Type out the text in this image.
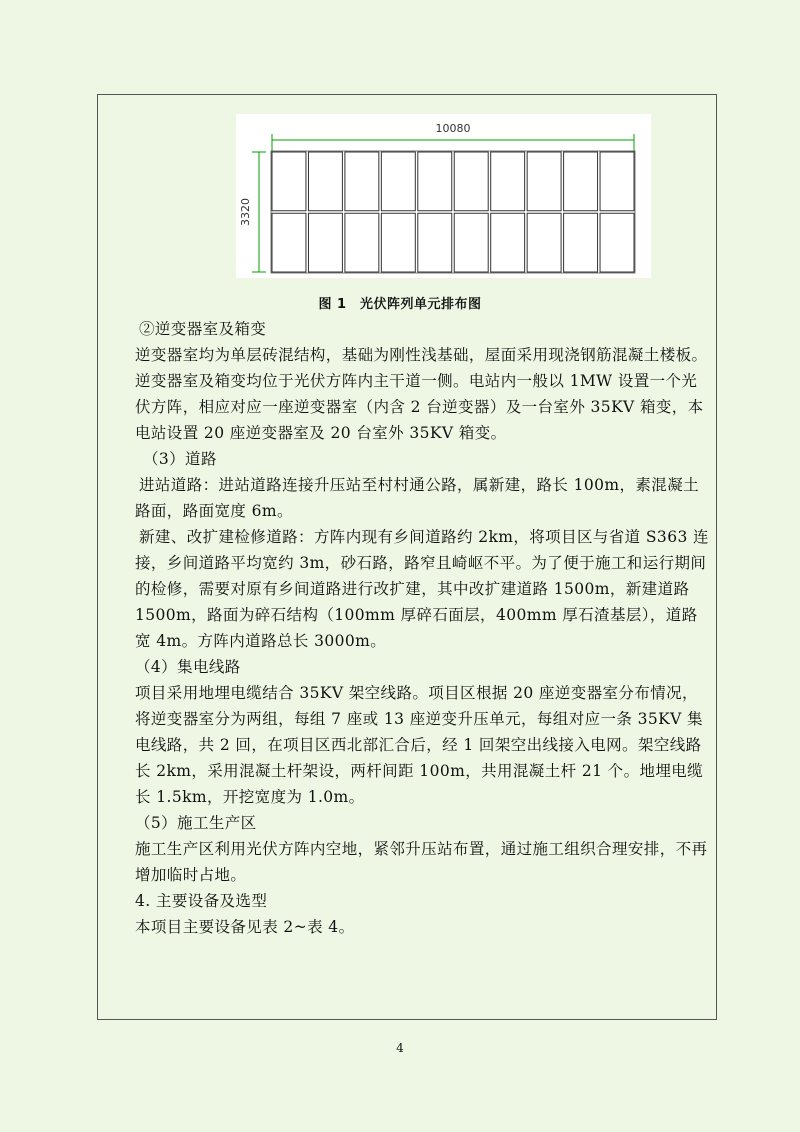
10080
3320
图 1　光伏阵列单元排布图

②逆变器室及箱变

逆变器室均为单层砖混结构，基础为刚性浅基础，屋面采用现浇钢筋混凝土楼板。

逆变器室及箱变均位于光伏方阵内主干道一侧。电站内一般以 1MW 设置一个光伏方阵，相应对应一座逆变器室（内含 2 台逆变器）及一台室外 35KV 箱变，本电站设置 20 座逆变器室及 20 台室外 35KV 箱变。

（3）道路

进站道路：进站道路连接升压站至村村通公路，属新建，路长 100m，素混凝土路面，路面宽度 6m。

新建、改扩建检修道路：方阵内现有乡间道路约 2km，将项目区与省道 S363 连接，乡间道路平均宽约 3m，砂石路，路窄且崎岖不平。为了便于施工和运行期间的检修，需要对原有乡间道路进行改扩建，其中改扩建道路 1500m，新建道路 1500m，路面为碎石结构（100mm 厚碎石面层，400mm 厚石渣基层），道路宽 4m。方阵内道路总长 3000m。

（4）集电线路

项目采用地埋电缆结合 35KV 架空线路。项目区根据 20 座逆变器室分布情况，将逆变器室分为两组，每组 7 座或 13 座逆变升压单元，每组对应一条 35KV 集电线路，共 2 回，在项目区西北部汇合后，经 1 回架空出线接入电网。架空线路长 2km，采用混凝土杆架设，两杆间距 100m，共用混凝土杆 21 个。地埋电缆长 1.5km，开挖宽度为 1.0m。

（5）施工生产区

施工生产区利用光伏方阵内空地，紧邻升压站布置，通过施工组织合理安排，不再增加临时占地。

4. 主要设备及选型

本项目主要设备见表 2~表 4。

4
